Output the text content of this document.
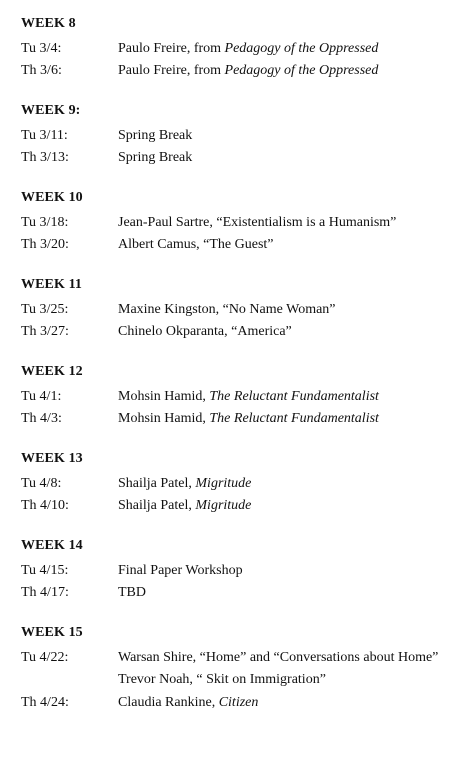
WEEK 8
Tu 3/4:	Paulo Freire, from Pedagogy of the Oppressed
Th 3/6:	Paulo Freire, from Pedagogy of the Oppressed
WEEK 9:
Tu 3/11:	Spring Break
Th 3/13:	Spring Break
WEEK 10
Tu 3/18:	Jean-Paul Sartre, “Existentialism is a Humanism”
Th 3/20:	Albert Camus, “The Guest”
WEEK 11
Tu 3/25:	Maxine Kingston, “No Name Woman”
Th 3/27:	Chinelo Okparanta, “America”
WEEK 12
Tu 4/1:	Mohsin Hamid, The Reluctant Fundamentalist
Th 4/3:	Mohsin Hamid, The Reluctant Fundamentalist
WEEK 13
Tu 4/8:	Shailja Patel, Migritude
Th 4/10:	Shailja Patel, Migritude
WEEK 14
Tu 4/15:	Final Paper Workshop
Th 4/17:	TBD
WEEK 15
Tu 4/22:	Warsan Shire, “Home” and “Conversations about Home”
Trevor Noah, “ Skit on Immigration”
Th 4/24:	Claudia Rankine, Citizen
